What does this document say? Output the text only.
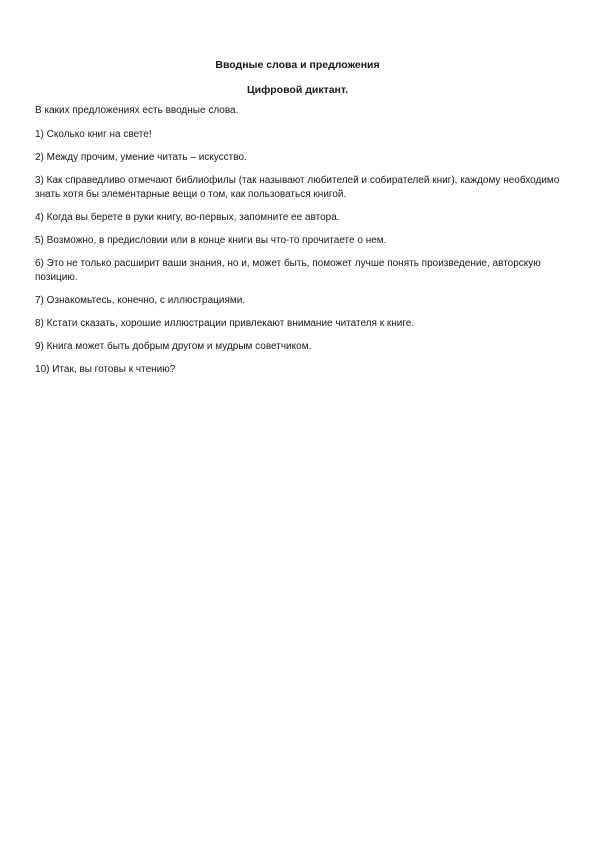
Вводные слова и предложения
Цифровой диктант.

В каких предложениях есть вводные слова.

1) Сколько книг на свете!

2) Между прочим, умение читать – искусство.

3) Как справедливо отмечают библиофилы (так называют любителей и собирателей книг), каждому необходимо знать хотя бы элементарные вещи о том, как пользоваться книгой.

4) Когда вы берете в руки книгу, во-первых, запомните ее автора.

5) Возможно, в предисловии или в конце книги вы что-то прочитаете о нем.

6) Это не только расширит ваши знания, но и, может быть, поможет лучше понять произведение, авторскую позицию.

7) Ознакомьтесь, конечно, с иллюстрациями.

8) Кстати сказать, хорошие иллюстрации привлекают внимание читателя к книге.

9) Книга может быть добрым другом и мудрым советчиком.

10) Итак, вы готовы к чтению?
